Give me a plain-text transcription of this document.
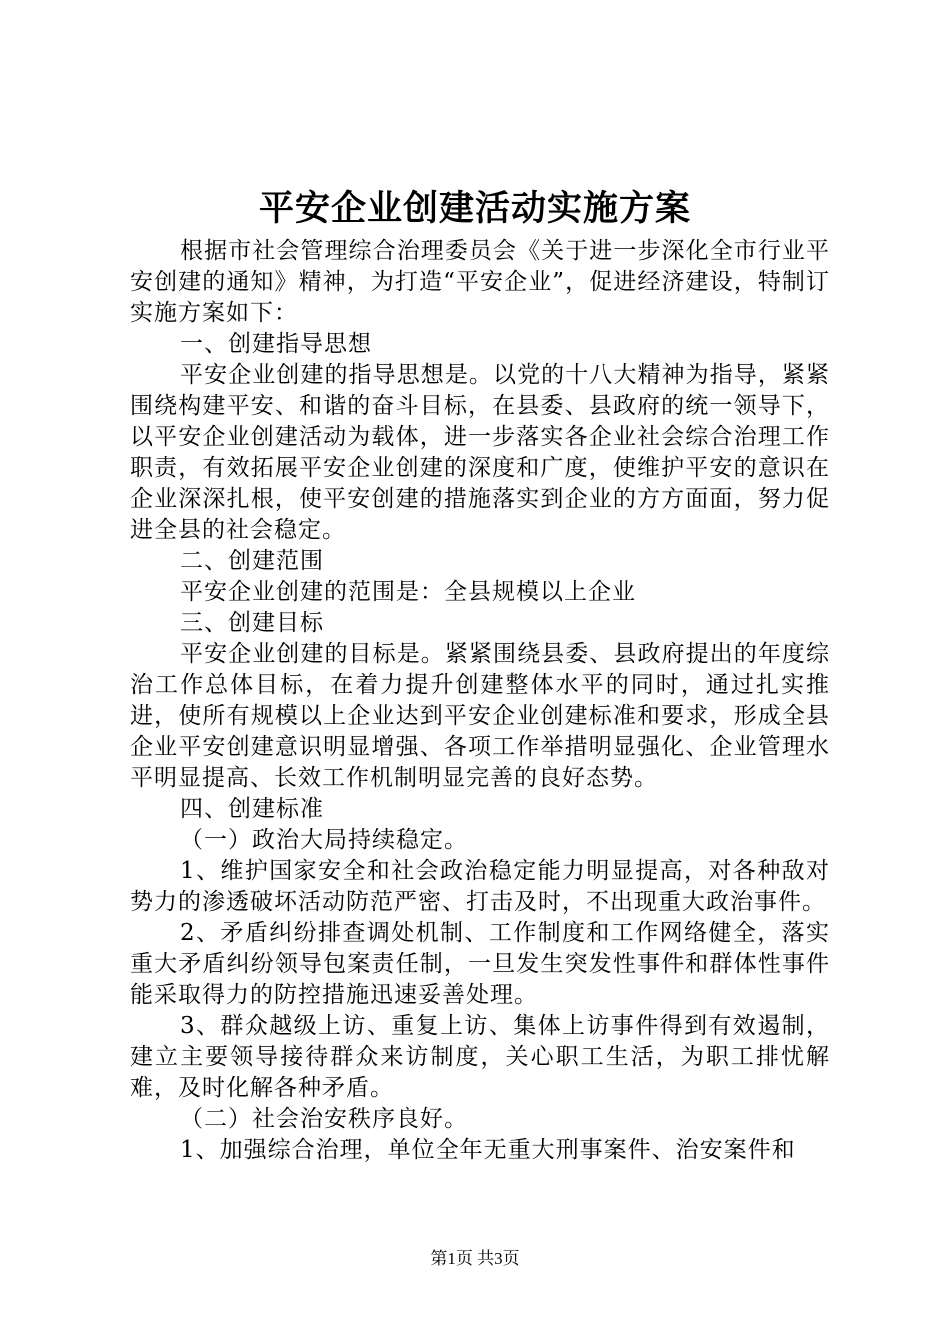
平安企业创建活动实施方案

根据市社会管理综合治理委员会《关于进一步深化全市行业平安创建的通知》精神，为打造“平安企业”，促进经济建设，特制订实施方案如下：

一、创建指导思想

平安企业创建的指导思想是。以党的十八大精神为指导，紧紧围绕构建平安、和谐的奋斗目标，在县委、县政府的统一领导下，以平安企业创建活动为载体，进一步落实各企业社会综合治理工作职责，有效拓展平安企业创建的深度和广度，使维护平安的意识在企业深深扎根，使平安创建的措施落实到企业的方方面面，努力促进全县的社会稳定。

二、创建范围

平安企业创建的范围是：全县规模以上企业

三、创建目标

平安企业创建的目标是。紧紧围绕县委、县政府提出的年度综治工作总体目标，在着力提升创建整体水平的同时，通过扎实推进，使所有规模以上企业达到平安企业创建标准和要求，形成全县企业平安创建意识明显增强、各项工作举措明显强化、企业管理水平明显提高、长效工作机制明显完善的良好态势。

四、创建标准

（一）政治大局持续稳定。

1、维护国家安全和社会政治稳定能力明显提高，对各种敌对势力的渗透破坏活动防范严密、打击及时，不出现重大政治事件。

2、矛盾纠纷排查调处机制、工作制度和工作网络健全，落实重大矛盾纠纷领导包案责任制，一旦发生突发性事件和群体性事件能采取得力的防控措施迅速妥善处理。

3、群众越级上访、重复上访、集体上访事件得到有效遏制，建立主要领导接待群众来访制度，关心职工生活，为职工排忧解难，及时化解各种矛盾。

（二）社会治安秩序良好。

1、加强综合治理，单位全年无重大刑事案件、治安案件和

第1页 共3页
